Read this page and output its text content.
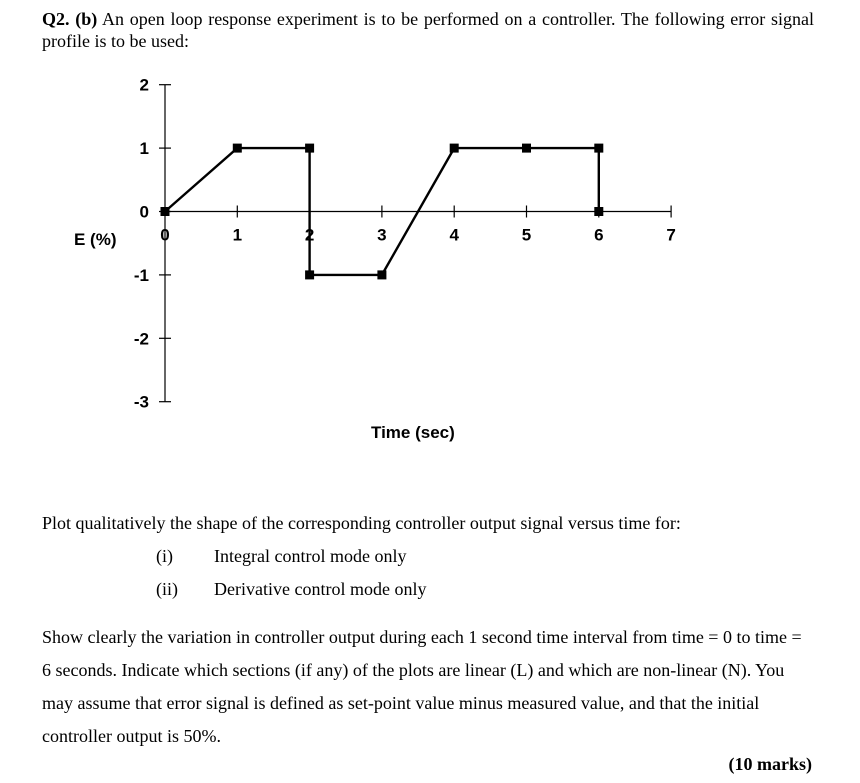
Q2. (b) An open loop response experiment is to be performed on a controller. The following error signal profile is to be used:
2
1
0
-1
-2
-3
0	1	2	3	4	5	6	7
E (%)
Time (sec)
Plot qualitatively the shape of the corresponding controller output signal versus time for:
(i) Integral control mode only
(ii) Derivative control mode only
Show clearly the variation in controller output during each 1 second time interval from time = 0 to time = 6 seconds. Indicate which sections (if any) of the plots are linear (L) and which are non-linear (N). You may assume that error signal is defined as set-point value minus measured value, and that the initial controller output is 50%.
(10 marks)
